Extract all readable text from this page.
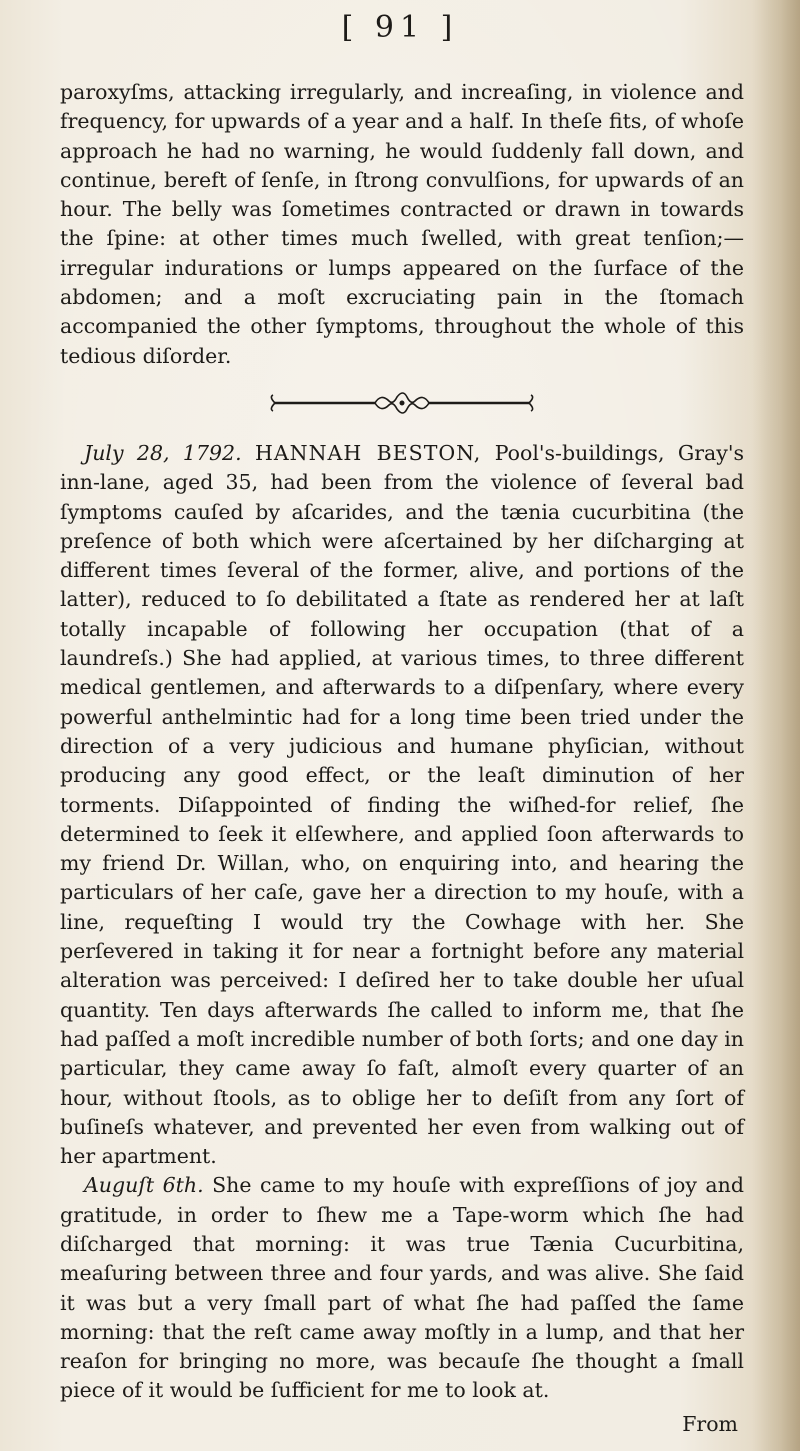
[ 91 ]

paroxyſms, attacking irregularly, and increaſing, in violence and frequency, for upwards of a year and a half. In theſe fits, of whoſe approach he had no warning, he would ſuddenly fall down, and continue, bereft of ſenſe, in ſtrong convulſions, for upwards of an hour. The belly was ſometimes contracted or drawn in towards the ſpine: at other times much ſwelled, with great tenſion;—irregular indurations or lumps appeared on the ſurface of the abdomen; and a moſt excruciating pain in the ſtomach accompanied the other ſymptoms, throughout the whole of this tedious diſorder.

July 28, 1792. HANNAH BESTON, Pool's-buildings, Gray's inn-lane, aged 35, had been from the violence of ſeveral bad ſymptoms cauſed by aſcarides, and the tænia cucurbitina (the preſence of both which were aſcertained by her diſcharging at different times ſeveral of the former, alive, and portions of the latter), reduced to ſo debilitated a ſtate as rendered her at laſt totally incapable of following her occupation (that of a laundreſs.) She had applied, at various times, to three different medical gentlemen, and afterwards to a diſpenſary, where every powerful anthelmintic had for a long time been tried under the direction of a very judicious and humane phyſician, without producing any good effect, or the leaſt diminution of her torments. Diſappointed of finding the wiſhed-for relief, ſhe determined to ſeek it elſewhere, and applied ſoon afterwards to my friend Dr. Willan, who, on enquiring into, and hearing the particulars of her caſe, gave her a direction to my houſe, with a line, requeſting I would try the Cowhage with her. She perſevered in taking it for near a fortnight before any material alteration was perceived: I deſired her to take double her uſual quantity. Ten days afterwards ſhe called to inform me, that ſhe had paſſed a moſt incredible number of both ſorts; and one day in particular, they came away ſo faſt, almoſt every quarter of an hour, without ſtools, as to oblige her to deſiſt from any ſort of buſineſs whatever, and prevented her even from walking out of her apartment.

Auguſt 6th. She came to my houſe with expreſſions of joy and gratitude, in order to ſhew me a Tape-worm which ſhe had diſcharged that morning: it was true Tænia Cucurbitina, meaſuring between three and four yards, and was alive. She ſaid it was but a very ſmall part of what ſhe had paſſed the ſame morning: that the reſt came away moſtly in a lump, and that her reaſon for bringing no more, was becauſe ſhe thought a ſmall piece of it would be ſufficient for me to look at.

From
